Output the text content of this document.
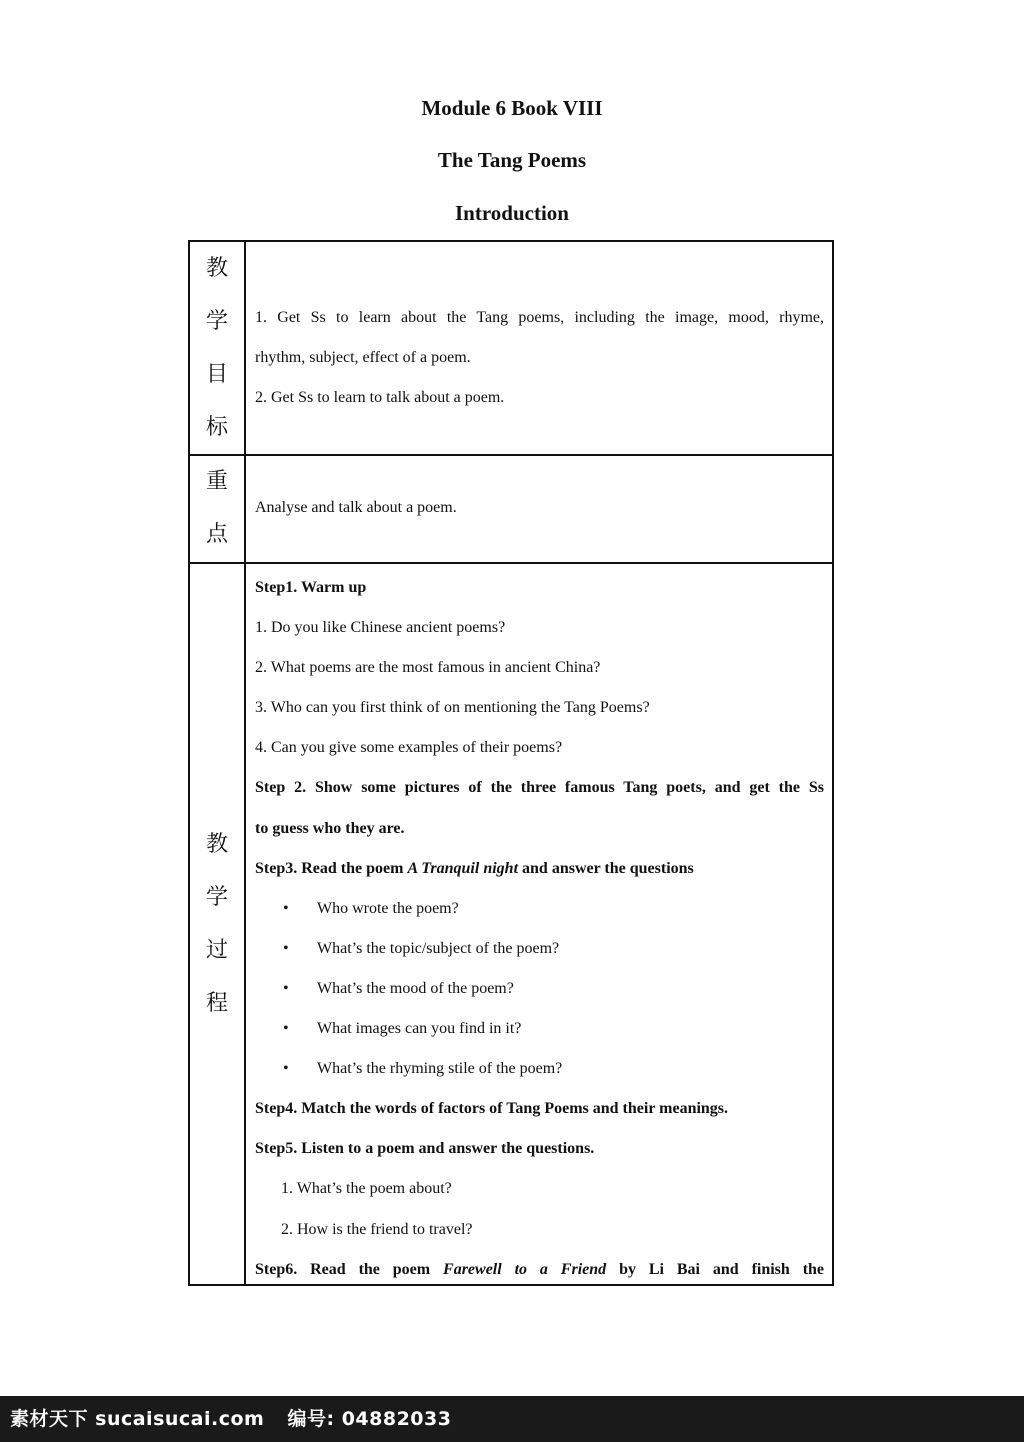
Module 6 Book VIII
The Tang Poems
Introduction
教
学
目
标
1. Get Ss to learn about the Tang poems, including the image, mood, rhyme,
rhythm, subject, effect of a poem.
2. Get Ss to learn to talk about a poem.
重
点
Analyse and talk about a poem.
教
学
过
程
Step1. Warm up
1. Do you like Chinese ancient poems?
2. What poems are the most famous in ancient China?
3. Who can you first think of on mentioning the Tang Poems?
4. Can you give some examples of their poems?
Step 2. Show some pictures of the three famous Tang poets, and get the Ss
to guess who they are.
Step3. Read the poem A Tranquil night and answer the questions
• Who wrote the poem?
• What’s the topic/subject of the poem?
• What’s the mood of the poem?
• What images can you find in it?
• What’s the rhyming stile of the poem?
Step4. Match the words of factors of Tang Poems and their meanings.
Step5. Listen to a poem and answer the questions.
1. What’s the poem about?
2. How is the friend to travel?
Step6. Read the poem Farewell to a Friend by Li Bai and finish the
素材天下 sucaisucai.com 编号: 04882033
